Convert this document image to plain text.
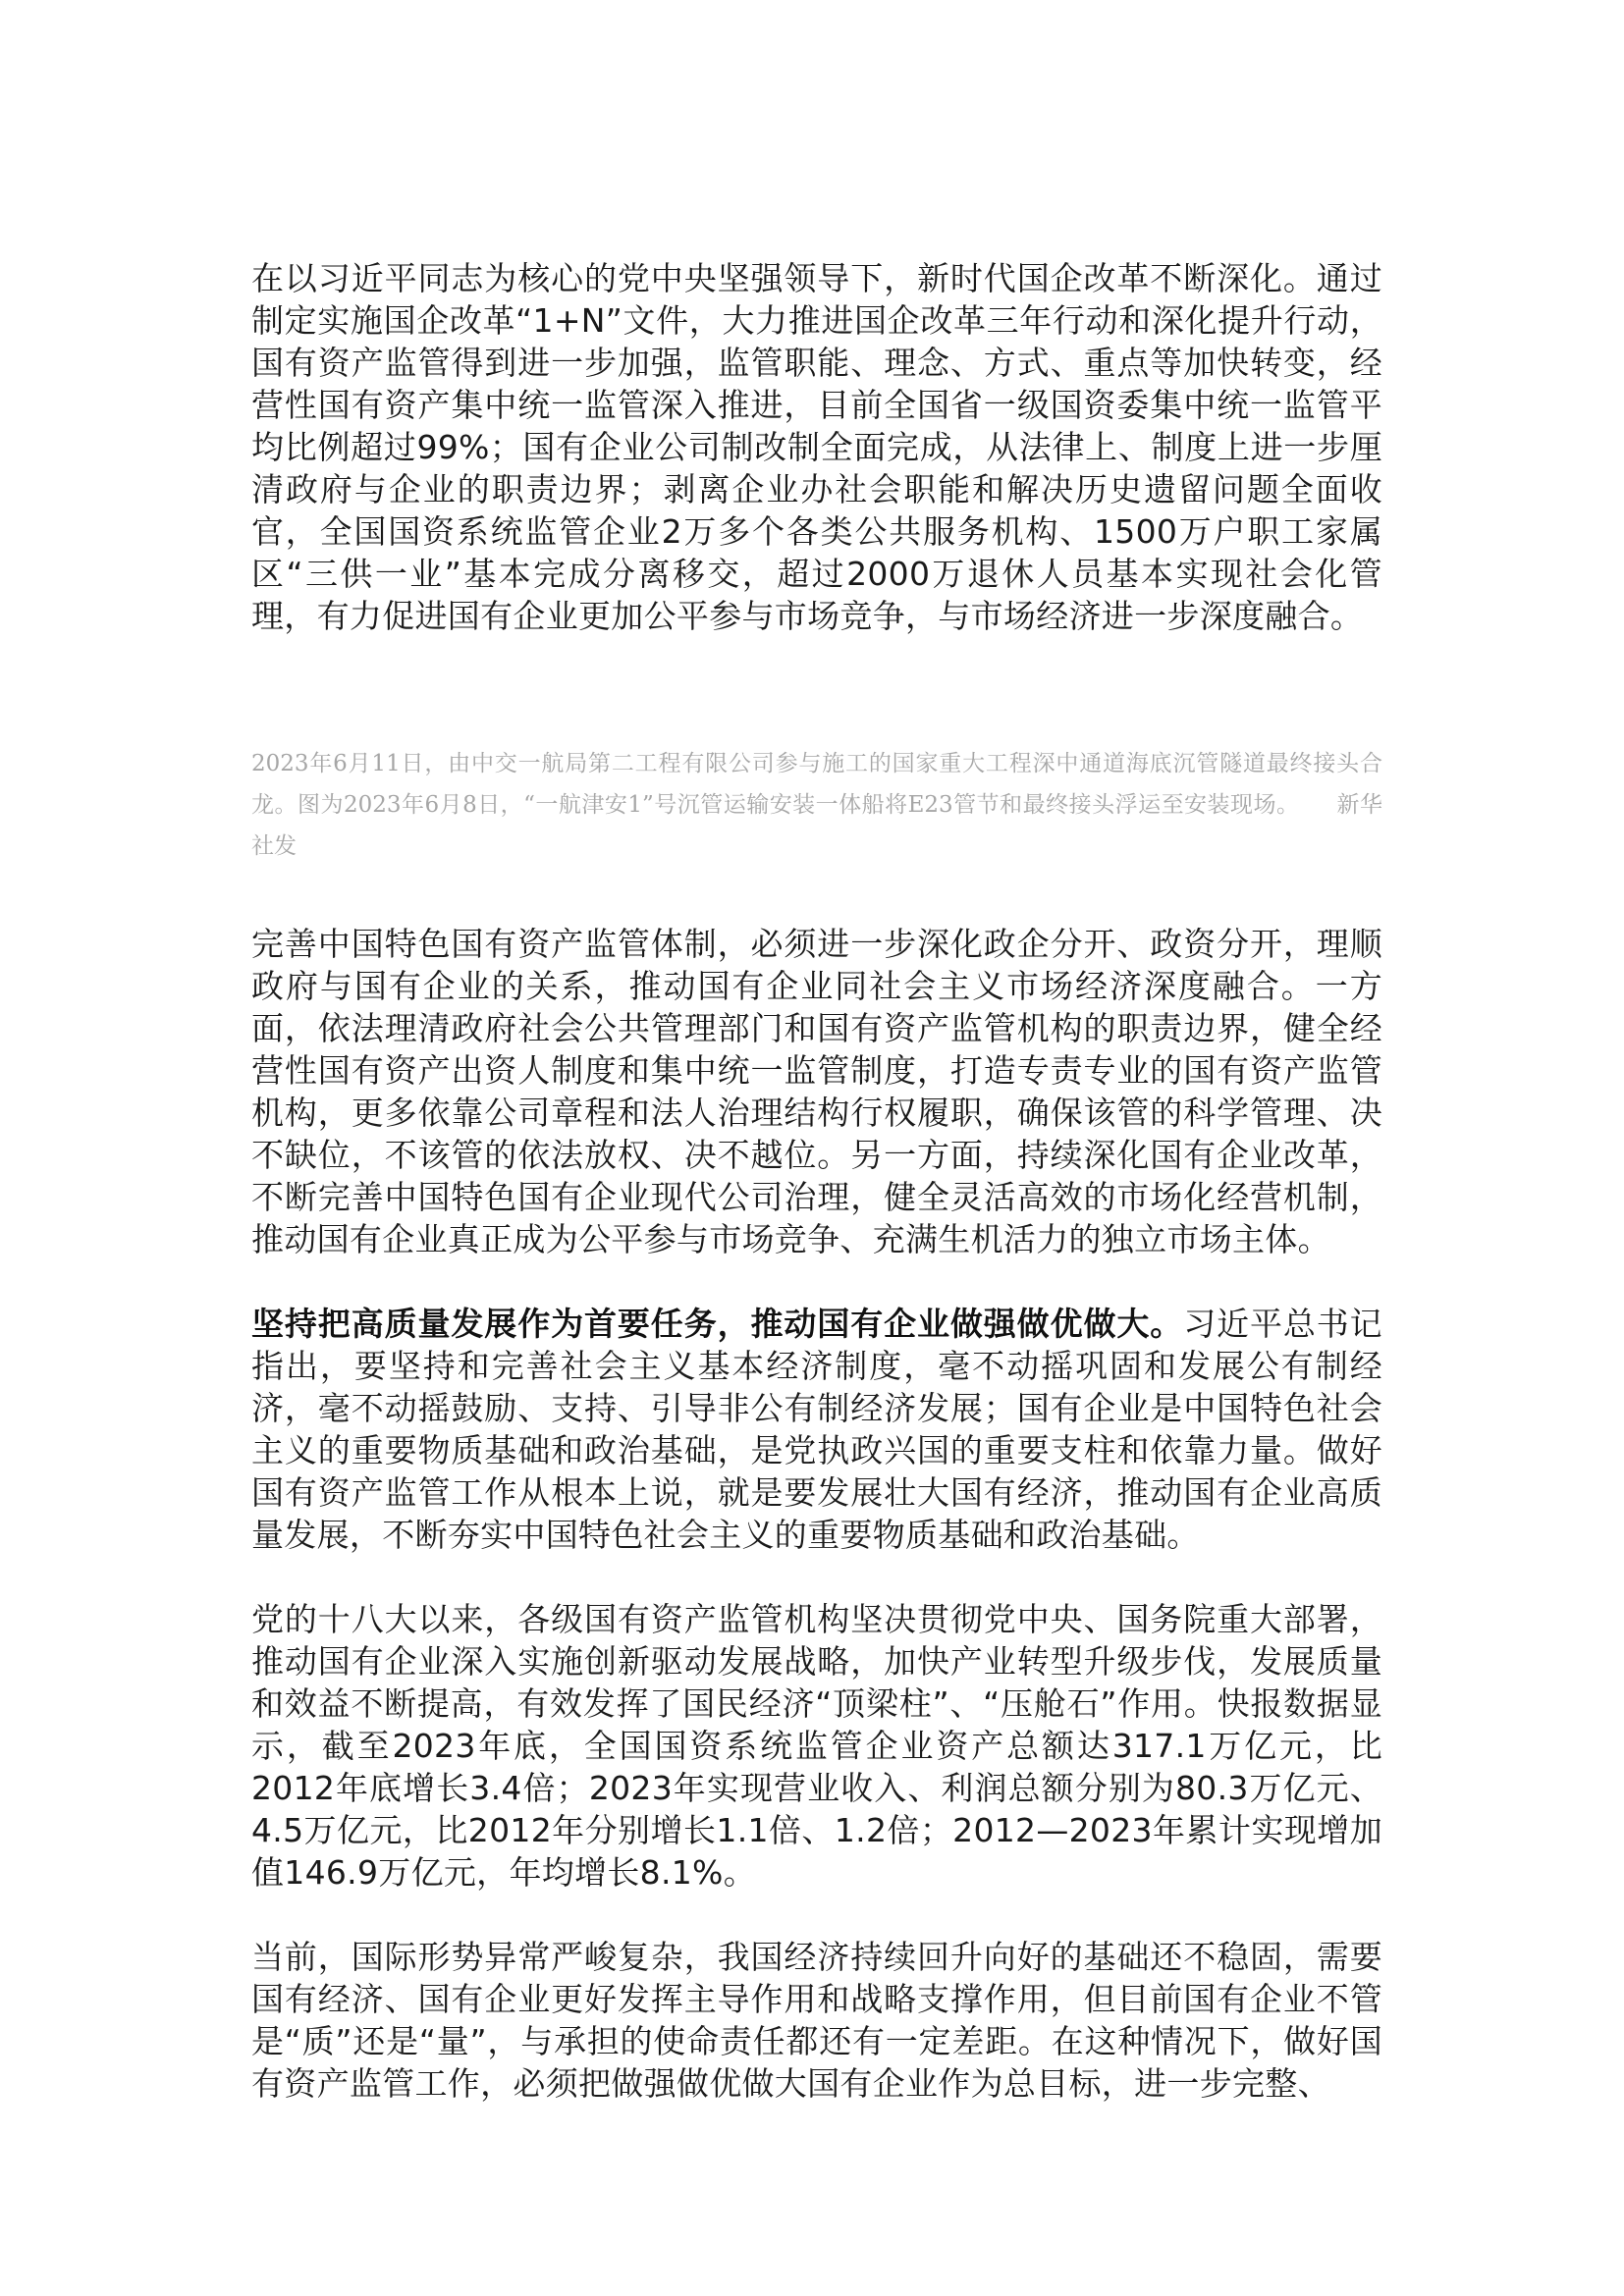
在以习近平同志为核心的党中央坚强领导下，新时代国企改革不断深化。通过制定实施国企改革“1+N”文件，大力推进国企改革三年行动和深化提升行动，国有资产监管得到进一步加强，监管职能、理念、方式、重点等加快转变，经营性国有资产集中统一监管深入推进，目前全国省一级国资委集中统一监管平均比例超过99%；国有企业公司制改制全面完成，从法律上、制度上进一步厘清政府与企业的职责边界；剥离企业办社会职能和解决历史遗留问题全面收官，全国国资系统监管企业2万多个各类公共服务机构、1500万户职工家属区“三供一业”基本完成分离移交，超过2000万退休人员基本实现社会化管理，有力促进国有企业更加公平参与市场竞争，与市场经济进一步深度融合。

2023年6月11日，由中交一航局第二工程有限公司参与施工的国家重大工程深中通道海底沉管隧道最终接头合龙。图为2023年6月8日，“一航津安1”号沉管运输安装一体船将E23管节和最终接头浮运至安装现场。 新华社发

完善中国特色国有资产监管体制，必须进一步深化政企分开、政资分开，理顺政府与国有企业的关系，推动国有企业同社会主义市场经济深度融合。一方面，依法理清政府社会公共管理部门和国有资产监管机构的职责边界，健全经营性国有资产出资人制度和集中统一监管制度，打造专责专业的国有资产监管机构，更多依靠公司章程和法人治理结构行权履职，确保该管的科学管理、决不缺位，不该管的依法放权、决不越位。另一方面，持续深化国有企业改革，不断完善中国特色国有企业现代公司治理，健全灵活高效的市场化经营机制，推动国有企业真正成为公平参与市场竞争、充满生机活力的独立市场主体。

坚持把高质量发展作为首要任务，推动国有企业做强做优做大。习近平总书记指出，要坚持和完善社会主义基本经济制度，毫不动摇巩固和发展公有制经济，毫不动摇鼓励、支持、引导非公有制经济发展；国有企业是中国特色社会主义的重要物质基础和政治基础，是党执政兴国的重要支柱和依靠力量。做好国有资产监管工作从根本上说，就是要发展壮大国有经济，推动国有企业高质量发展，不断夯实中国特色社会主义的重要物质基础和政治基础。

党的十八大以来，各级国有资产监管机构坚决贯彻党中央、国务院重大部署，推动国有企业深入实施创新驱动发展战略，加快产业转型升级步伐，发展质量和效益不断提高，有效发挥了国民经济“顶梁柱”、“压舱石”作用。快报数据显示，截至2023年底，全国国资系统监管企业资产总额达317.1万亿元，比2012年底增长3.4倍；2023年实现营业收入、利润总额分别为80.3万亿元、4.5万亿元，比2012年分别增长1.1倍、1.2倍；2012—2023年累计实现增加值146.9万亿元，年均增长8.1%。

当前，国际形势异常严峻复杂，我国经济持续回升向好的基础还不稳固，需要国有经济、国有企业更好发挥主导作用和战略支撑作用，但目前国有企业不管是“质”还是“量”，与承担的使命责任都还有一定差距。在这种情况下，做好国有资产监管工作，必须把做强做优做大国有企业作为总目标，进一步完整、
